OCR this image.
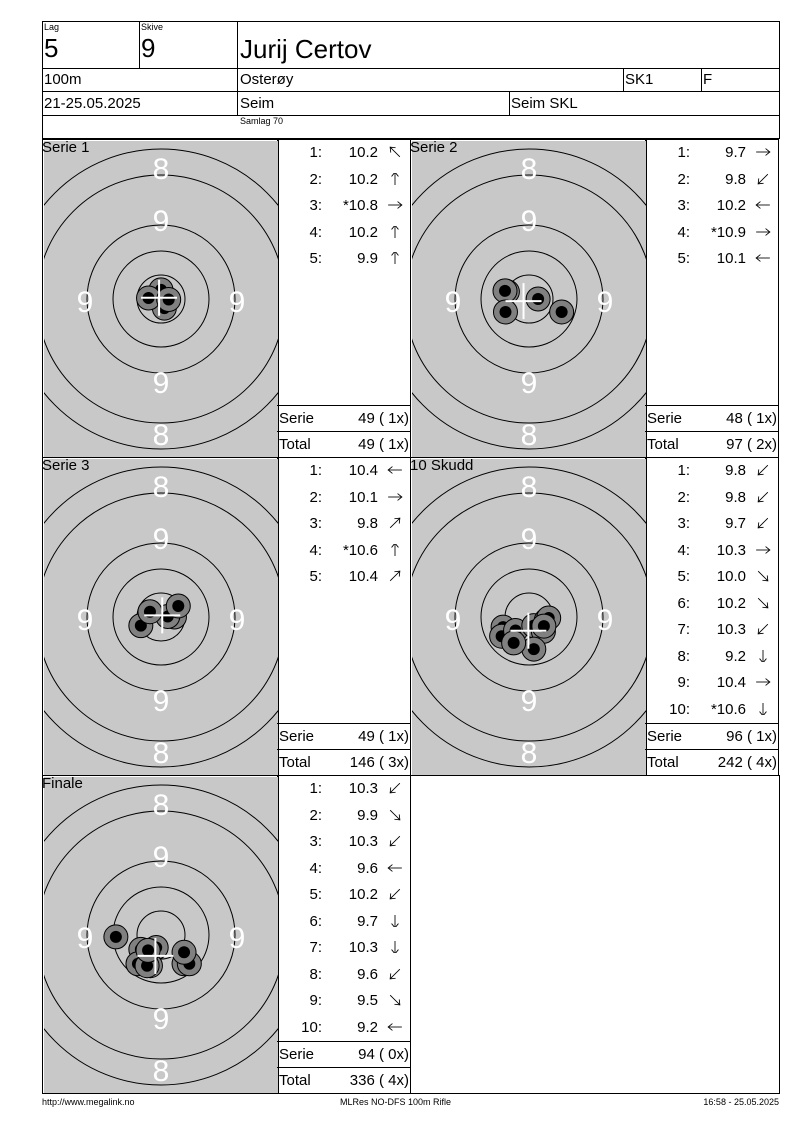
Lag
5
Skive
9	Jurij Certov
100m	Osterøy	SK1	F
21-25.05.2025	Seim	Seim SKL
Samlag 70
8
8
9
9
9	9
Serie 1	1:	10.2
2:	10.2
3:	*10.8
4:	10.2
5:	9.9
Serie	49 ( 1x)
Total	49 ( 1x)
8
8
9
9
9	9
Serie 2	1:	9.7
2:	9.8
3:	10.2
4:	*10.9
5:	10.1
Serie	48 ( 1x)
Total	97 ( 2x)
8
8
9
9
9	9
Serie 3	1:	10.4
2:	10.1
3:	9.8
4:	*10.6
5:	10.4
Serie	49 ( 1x)
Total	146 ( 3x)
8
8
9
9
9	9
10 Skudd	1:	9.8
2:	9.8
3:	9.7
4:	10.3
5:	10.0
6:	10.2
7:	10.3
8:	9.2
9:	10.4
10:	*10.6
Serie	96 ( 1x)
Total	242 ( 4x)
8
8
9
9
9	9
Finale	1:	10.3
2:	9.9
3:	10.3
4:	9.6
5:	10.2
6:	9.7
7:	10.3
8:	9.6
9:	9.5
10:	9.2
Serie	94 ( 0x)
Total	336 ( 4x)
http://www.megalink.no	MLRes NO-DFS 100m Rifle	16:58 - 25.05.2025
